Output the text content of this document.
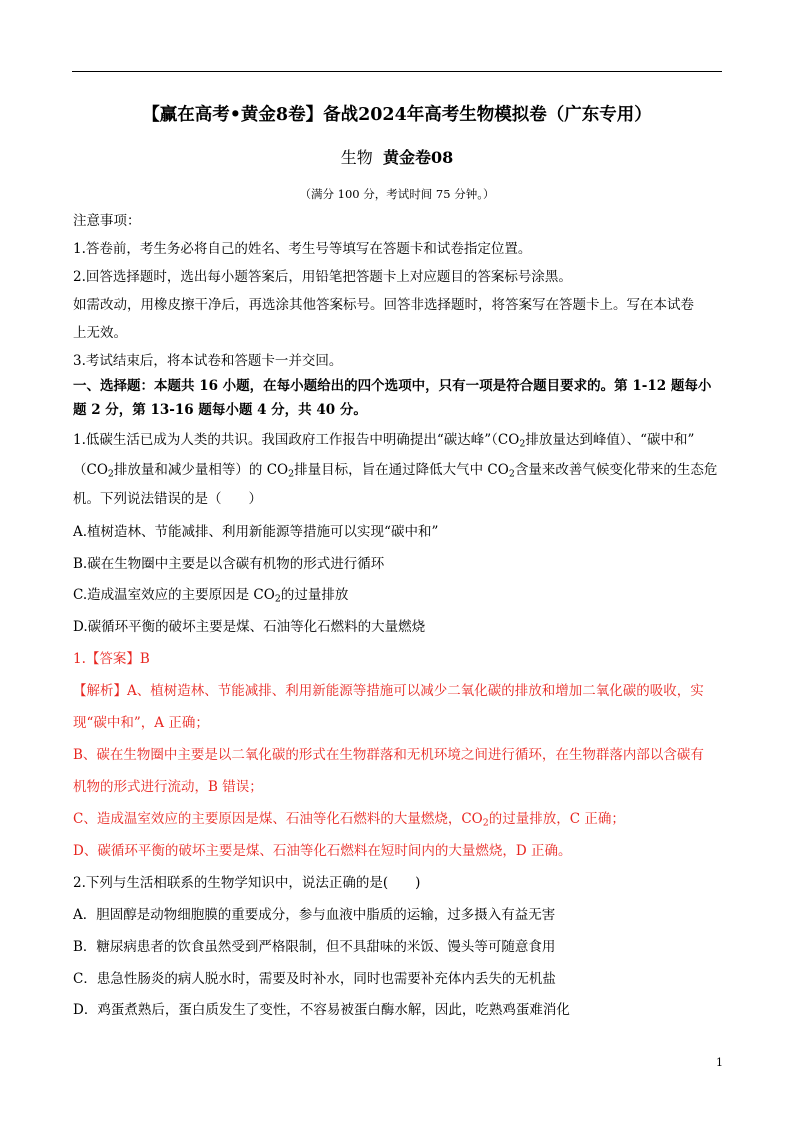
【赢在高考•黄金8卷】备战2024年高考生物模拟卷（广东专用）
生物 黄金卷08
（满分 100 分，考试时间 75 分钟。）
注意事项：
1.答卷前，考生务必将自己的姓名、考生号等填写在答题卡和试卷指定位置。
2.回答选择题时，选出每小题答案后，用铅笔把答题卡上对应题目的答案标号涂黑。
如需改动，用橡皮擦干净后，再选涂其他答案标号。回答非选择题时，将答案写在答题卡上。写在本试卷
上无效。
3.考试结束后，将本试卷和答题卡一并交回。
一、选择题：本题共 16 小题，在每小题给出的四个选项中，只有一项是符合题目要求的。第 1-12 题每小
题 2 分，第 13-16 题每小题 4 分，共 40 分。
1.低碳生活已成为人类的共识。我国政府工作报告中明确提出“碳达峰$”(CO_2$排放量达到峰值）、“碳中和”
（$CO_2$排放量和减少量相等）的 $CO_2$排量目标，旨在通过降低大气中 $CO_2$含量来改善气候变化带来的生态危
机。下列说法错误的是（　　）
A.植树造林、节能减排、利用新能源等措施可以实现“碳中和”
B.碳在生物圈中主要是以含碳有机物的形式进行循环
C.造成温室效应的主要原因是 $CO_2$的过量排放
D.碳循环平衡的破坏主要是煤、石油等化石燃料的大量燃烧
1.【答案】B
【解析】A、植树造林、节能减排、利用新能源等措施可以减少二氧化碳的排放和增加二氧化碳的吸收，实
现“碳中和”，A 正确；
B、碳在生物圈中主要是以二氧化碳的形式在生物群落和无机环境之间进行循环，在生物群落内部以含碳有
机物的形式进行流动，B 错误；
C、造成温室效应的主要原因是煤、石油等化石燃料的大量燃烧，$CO_2$的过量排放，C 正确；
D、碳循环平衡的破坏主要是煤、石油等化石燃料在短时间内的大量燃烧，D 正确。
2.下列与生活相联系的生物学知识中，说法正确的是(　　)
A．胆固醇是动物细胞膜的重要成分，参与血液中脂质的运输，过多摄入有益无害
B．糖尿病患者的饮食虽然受到严格限制，但不具甜味的米饭、馒头等可随意食用
C．患急性肠炎的病人脱水时，需要及时补水，同时也需要补充体内丢失的无机盐
D．鸡蛋煮熟后，蛋白质发生了变性，不容易被蛋白酶水解，因此，吃熟鸡蛋难消化
1
